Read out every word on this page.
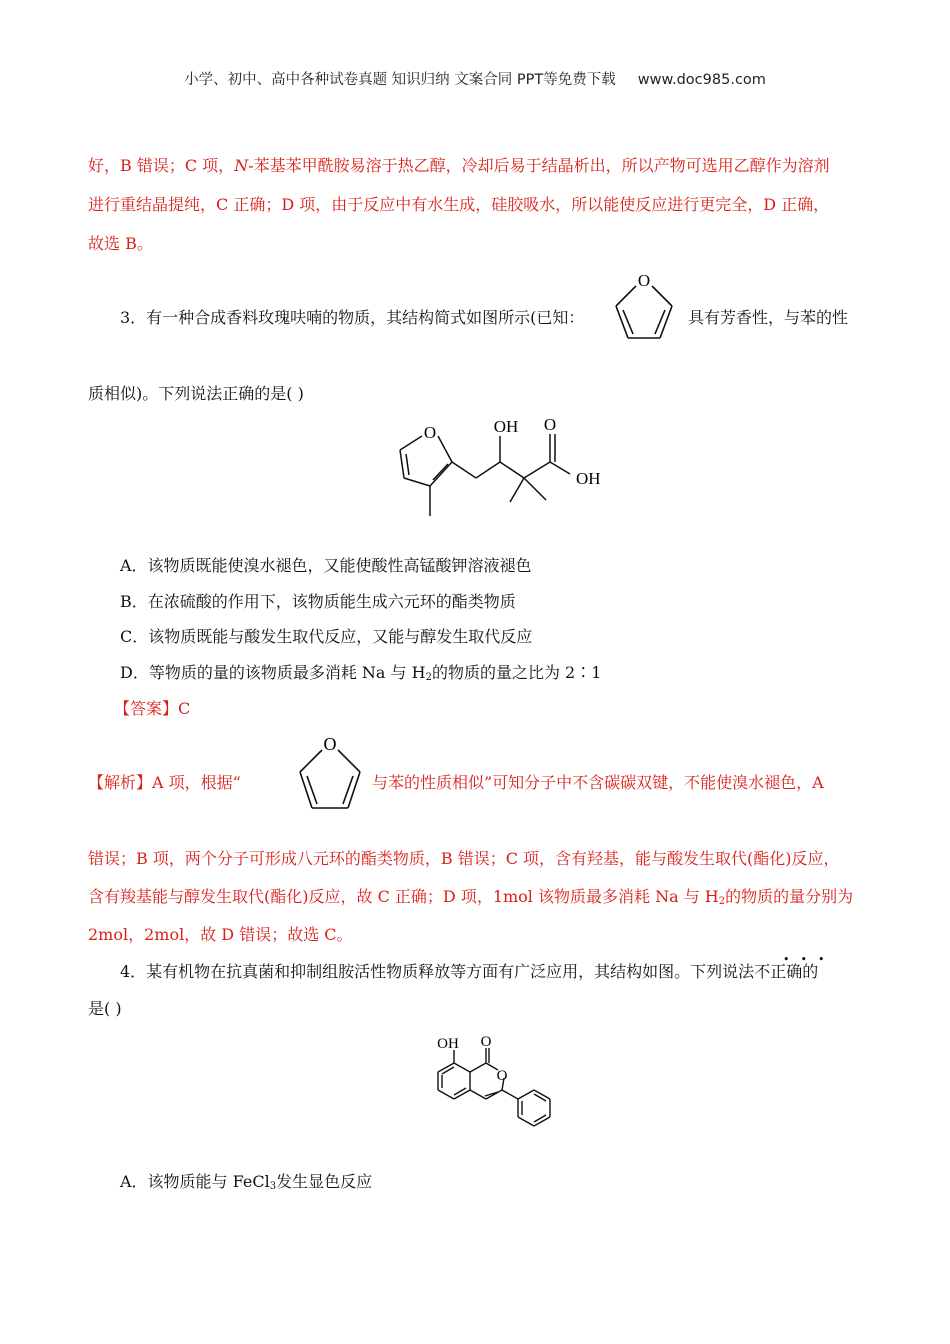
小学、初中、高中各种试卷真题 知识归纳 文案合同 PPT等免费下载 www.doc985.com
好，B 错误；C 项，N-苯基苯甲酰胺易溶于热乙醇，冷却后易于结晶析出，所以产物可选用乙醇作为溶剂
进行重结晶提纯，C 正确；D 项，由于反应中有水生成，硅胶吸水，所以能使反应进行更完全，D 正确，
故选 B。
3．有一种合成香料玫瑰呋喃的物质，其结构简式如图所示(已知：
O
具有芳香性，与苯的性
质相似)。下列说法正确的是( )
O	OH O
OH
A．该物质既能使溴水褪色，又能使酸性高锰酸钾溶液褪色
B．在浓硫酸的作用下，该物质能生成六元环的酯类物质
C．该物质既能与酸发生取代反应，又能与醇发生取代反应
D．等物质的量的该物质最多消耗 Na 与 $H_2$的物质的量之比为 2∶1
【答案】C
【解析】A 项，根据“
O
与苯的性质相似”可知分子中不含碳碳双键，不能使溴水褪色，A
错误；B 项，两个分子可形成八元环的酯类物质，B 错误；C 项，含有羟基，能与酸发生取代(酯化)反应，
含有羧基能与醇发生取代(酯化)反应，故 C 正确；D 项，1mol 该物质最多消耗 Na 与 $H_2$的物质的量分别为
2mol，2mol，故 D 错误；故选 C。
4．某有机物在抗真菌和抑制组胺活性物质释放等方面有广泛应用，其结构如图。下列说法不正确的
•••
是( )
OH O
O
A．该物质能与 FeCl$_3$发生显色反应
